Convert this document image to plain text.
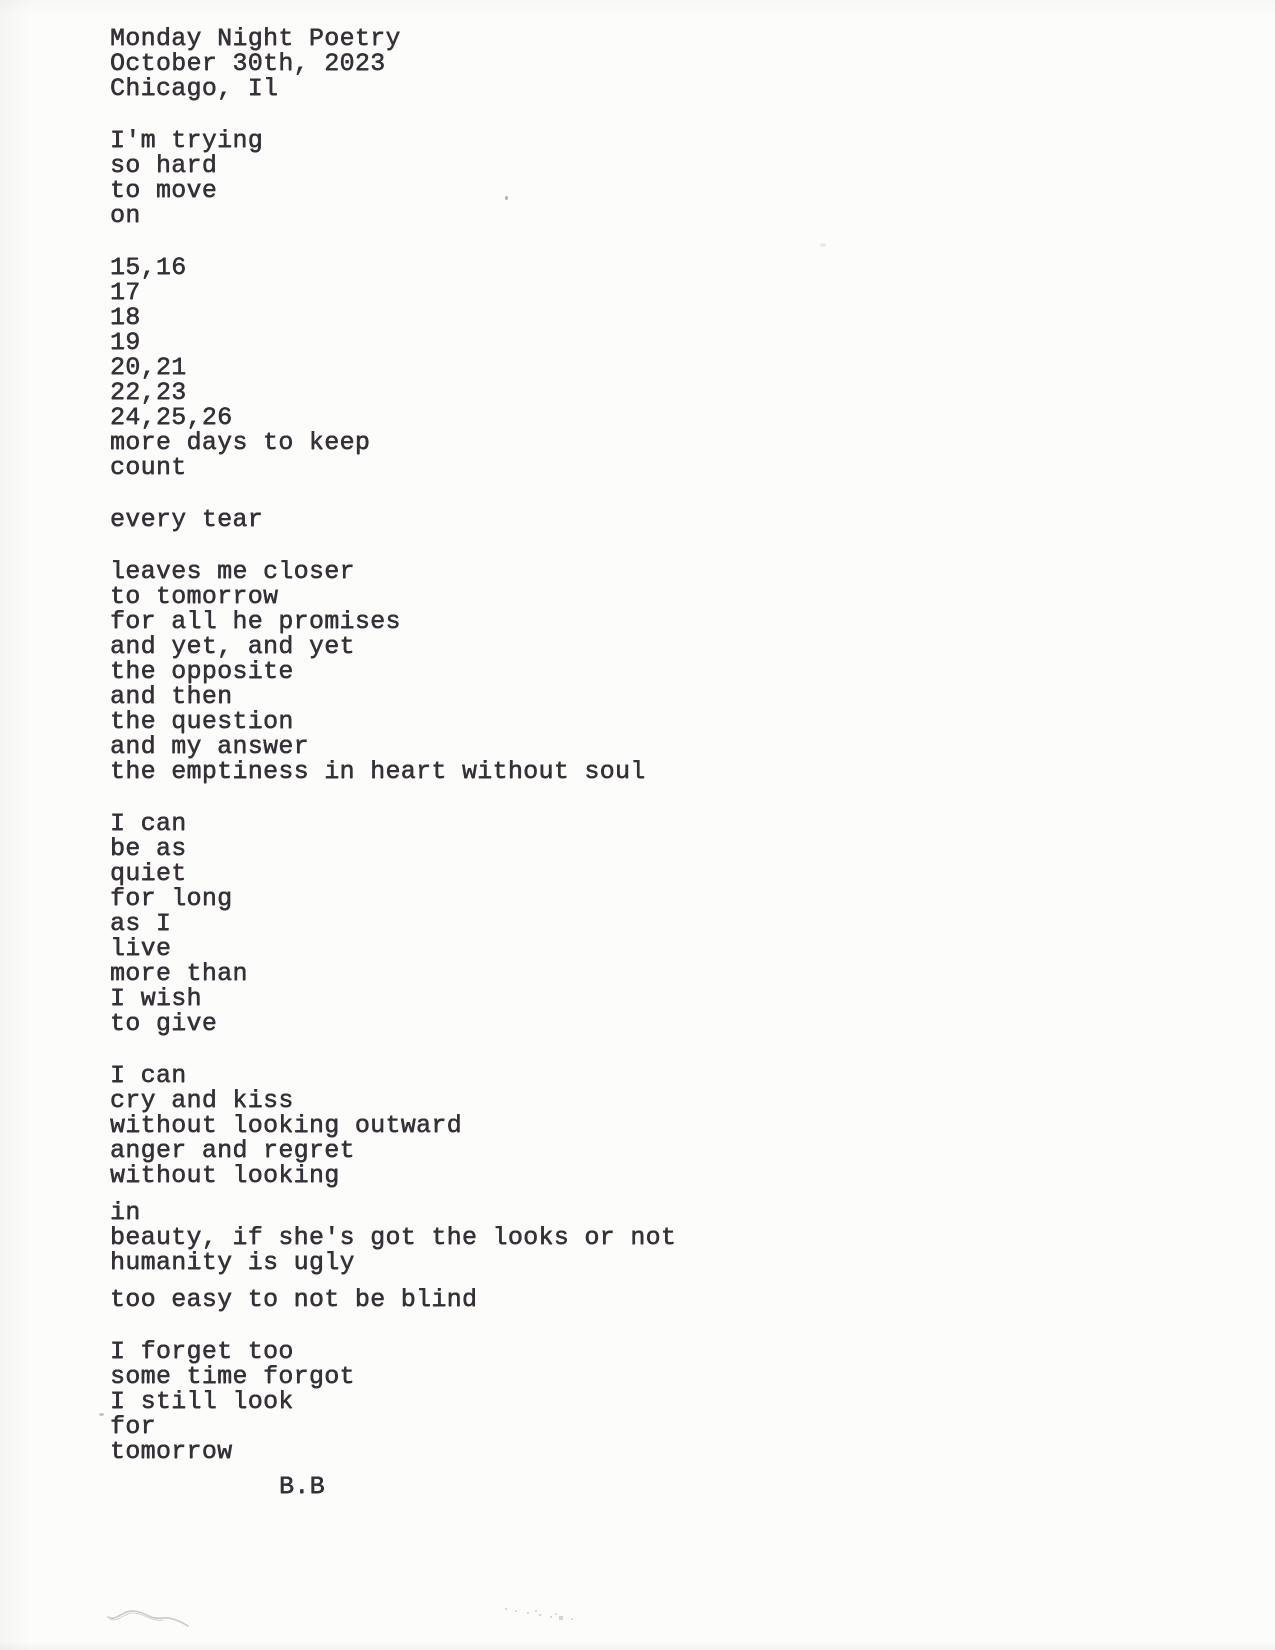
Monday Night Poetry
October 30th, 2023
Chicago, Il
I'm trying
so hard
to move
on
15,16
17
18
19
20,21
22,23
24,25,26
more days to keep
count
every tear
leaves me closer
to tomorrow
for all he promises
and yet, and yet
the opposite
and then
the question
and my answer
the emptiness in heart without soul
I can
be as
quiet
for long
as I
live
more than
I wish
to give
I can
cry and kiss
without looking outward
anger and regret
without looking
in
beauty, if she's got the looks or not
humanity is ugly
too easy to not be blind
I forget too
some time forgot
I still look
for
tomorrow
B.B
